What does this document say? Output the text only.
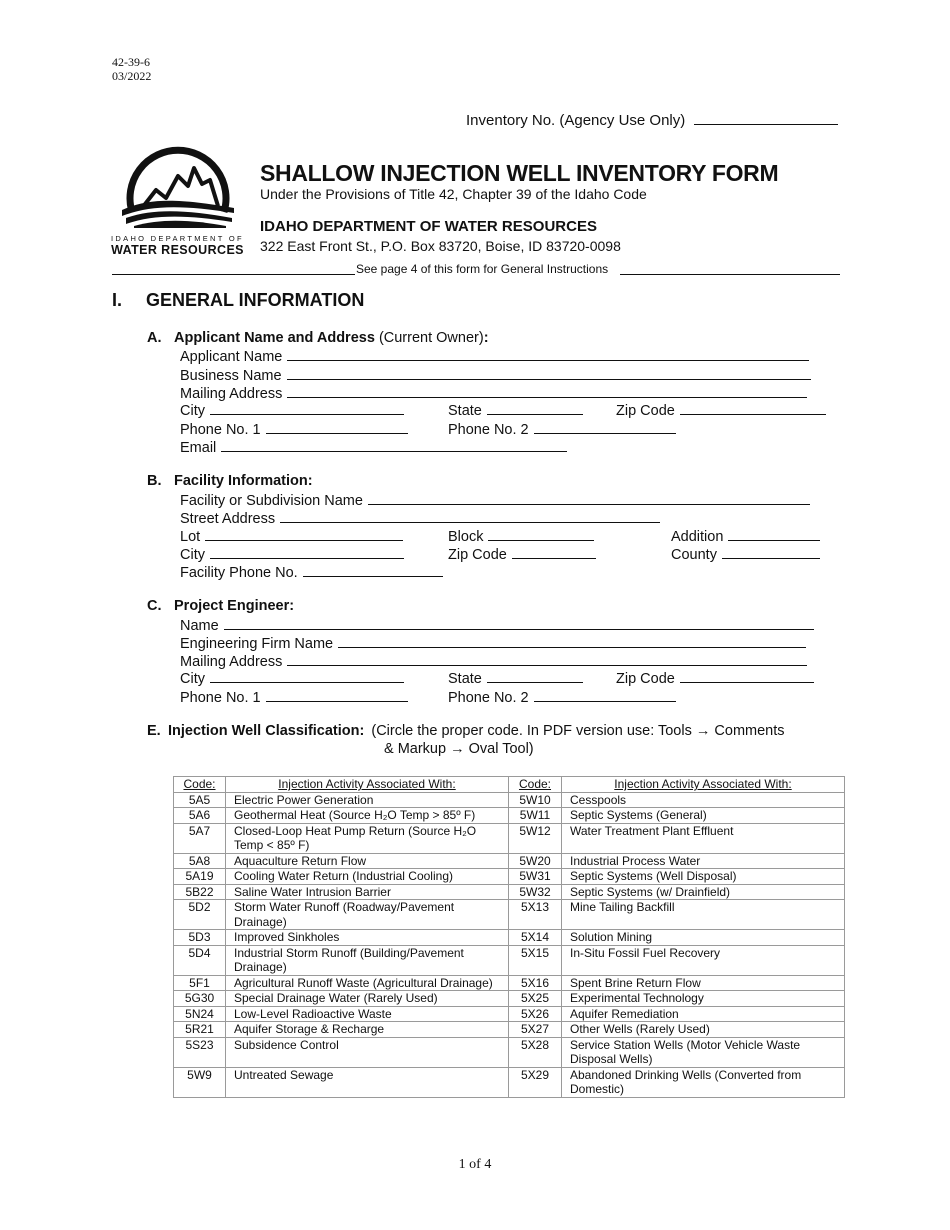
42-39-6
03/2022
Inventory No. (Agency Use Only)
IDAHO DEPARTMENT OF
WATER RESOURCES
SHALLOW INJECTION WELL INVENTORY FORM
Under the Provisions of Title 42, Chapter 39 of the Idaho Code
IDAHO DEPARTMENT OF WATER RESOURCES
322 East Front St., P.O. Box 83720, Boise, ID 83720-0098
See page 4 of this form for General Instructions
I. GENERAL INFORMATION
A. Applicant Name and Address (Current Owner):
Applicant Name
Business Name
Mailing Address
City	State	Zip Code
Phone No. 1	Phone No. 2
Email
B. Facility Information:
Facility or Subdivision Name
Street Address
Lot	Block	Addition
City	Zip Code	County
Facility Phone No.
C. Project Engineer:
Name
Engineering Firm Name
Mailing Address
City	State	Zip Code
Phone No. 1	Phone No. 2
E. Injection Well Classification: (Circle the proper code. In PDF version use: Tools → Comments
& Markup → Oval Tool)
Code:	Injection Activity Associated With:	Code:	Injection Activity Associated With:
5A5	Electric Power Generation	5W10	Cesspools
5A6	Geothermal Heat (Source H₂O Temp > 85º F)	5W11	Septic Systems (General)
5A7	Closed-Loop Heat Pump Return (Source H₂O Temp < 85º F)	5W12	Water Treatment Plant Effluent
5A8	Aquaculture Return Flow	5W20	Industrial Process Water
5A19	Cooling Water Return (Industrial Cooling)	5W31	Septic Systems (Well Disposal)
5B22	Saline Water Intrusion Barrier	5W32	Septic Systems (w/ Drainfield)
5D2	Storm Water Runoff (Roadway/Pavement Drainage)	5X13	Mine Tailing Backfill
5D3	Improved Sinkholes	5X14	Solution Mining
5D4	Industrial Storm Runoff (Building/Pavement Drainage)	5X15	In-Situ Fossil Fuel Recovery
5F1	Agricultural Runoff Waste (Agricultural Drainage)	5X16	Spent Brine Return Flow
5G30	Special Drainage Water (Rarely Used)	5X25	Experimental Technology
5N24	Low-Level Radioactive Waste	5X26	Aquifer Remediation
5R21	Aquifer Storage & Recharge	5X27	Other Wells (Rarely Used)
5S23	Subsidence Control	5X28	Service Station Wells (Motor Vehicle Waste Disposal Wells)
5W9	Untreated Sewage	5X29	Abandoned Drinking Wells (Converted from Domestic)
1 of 4
